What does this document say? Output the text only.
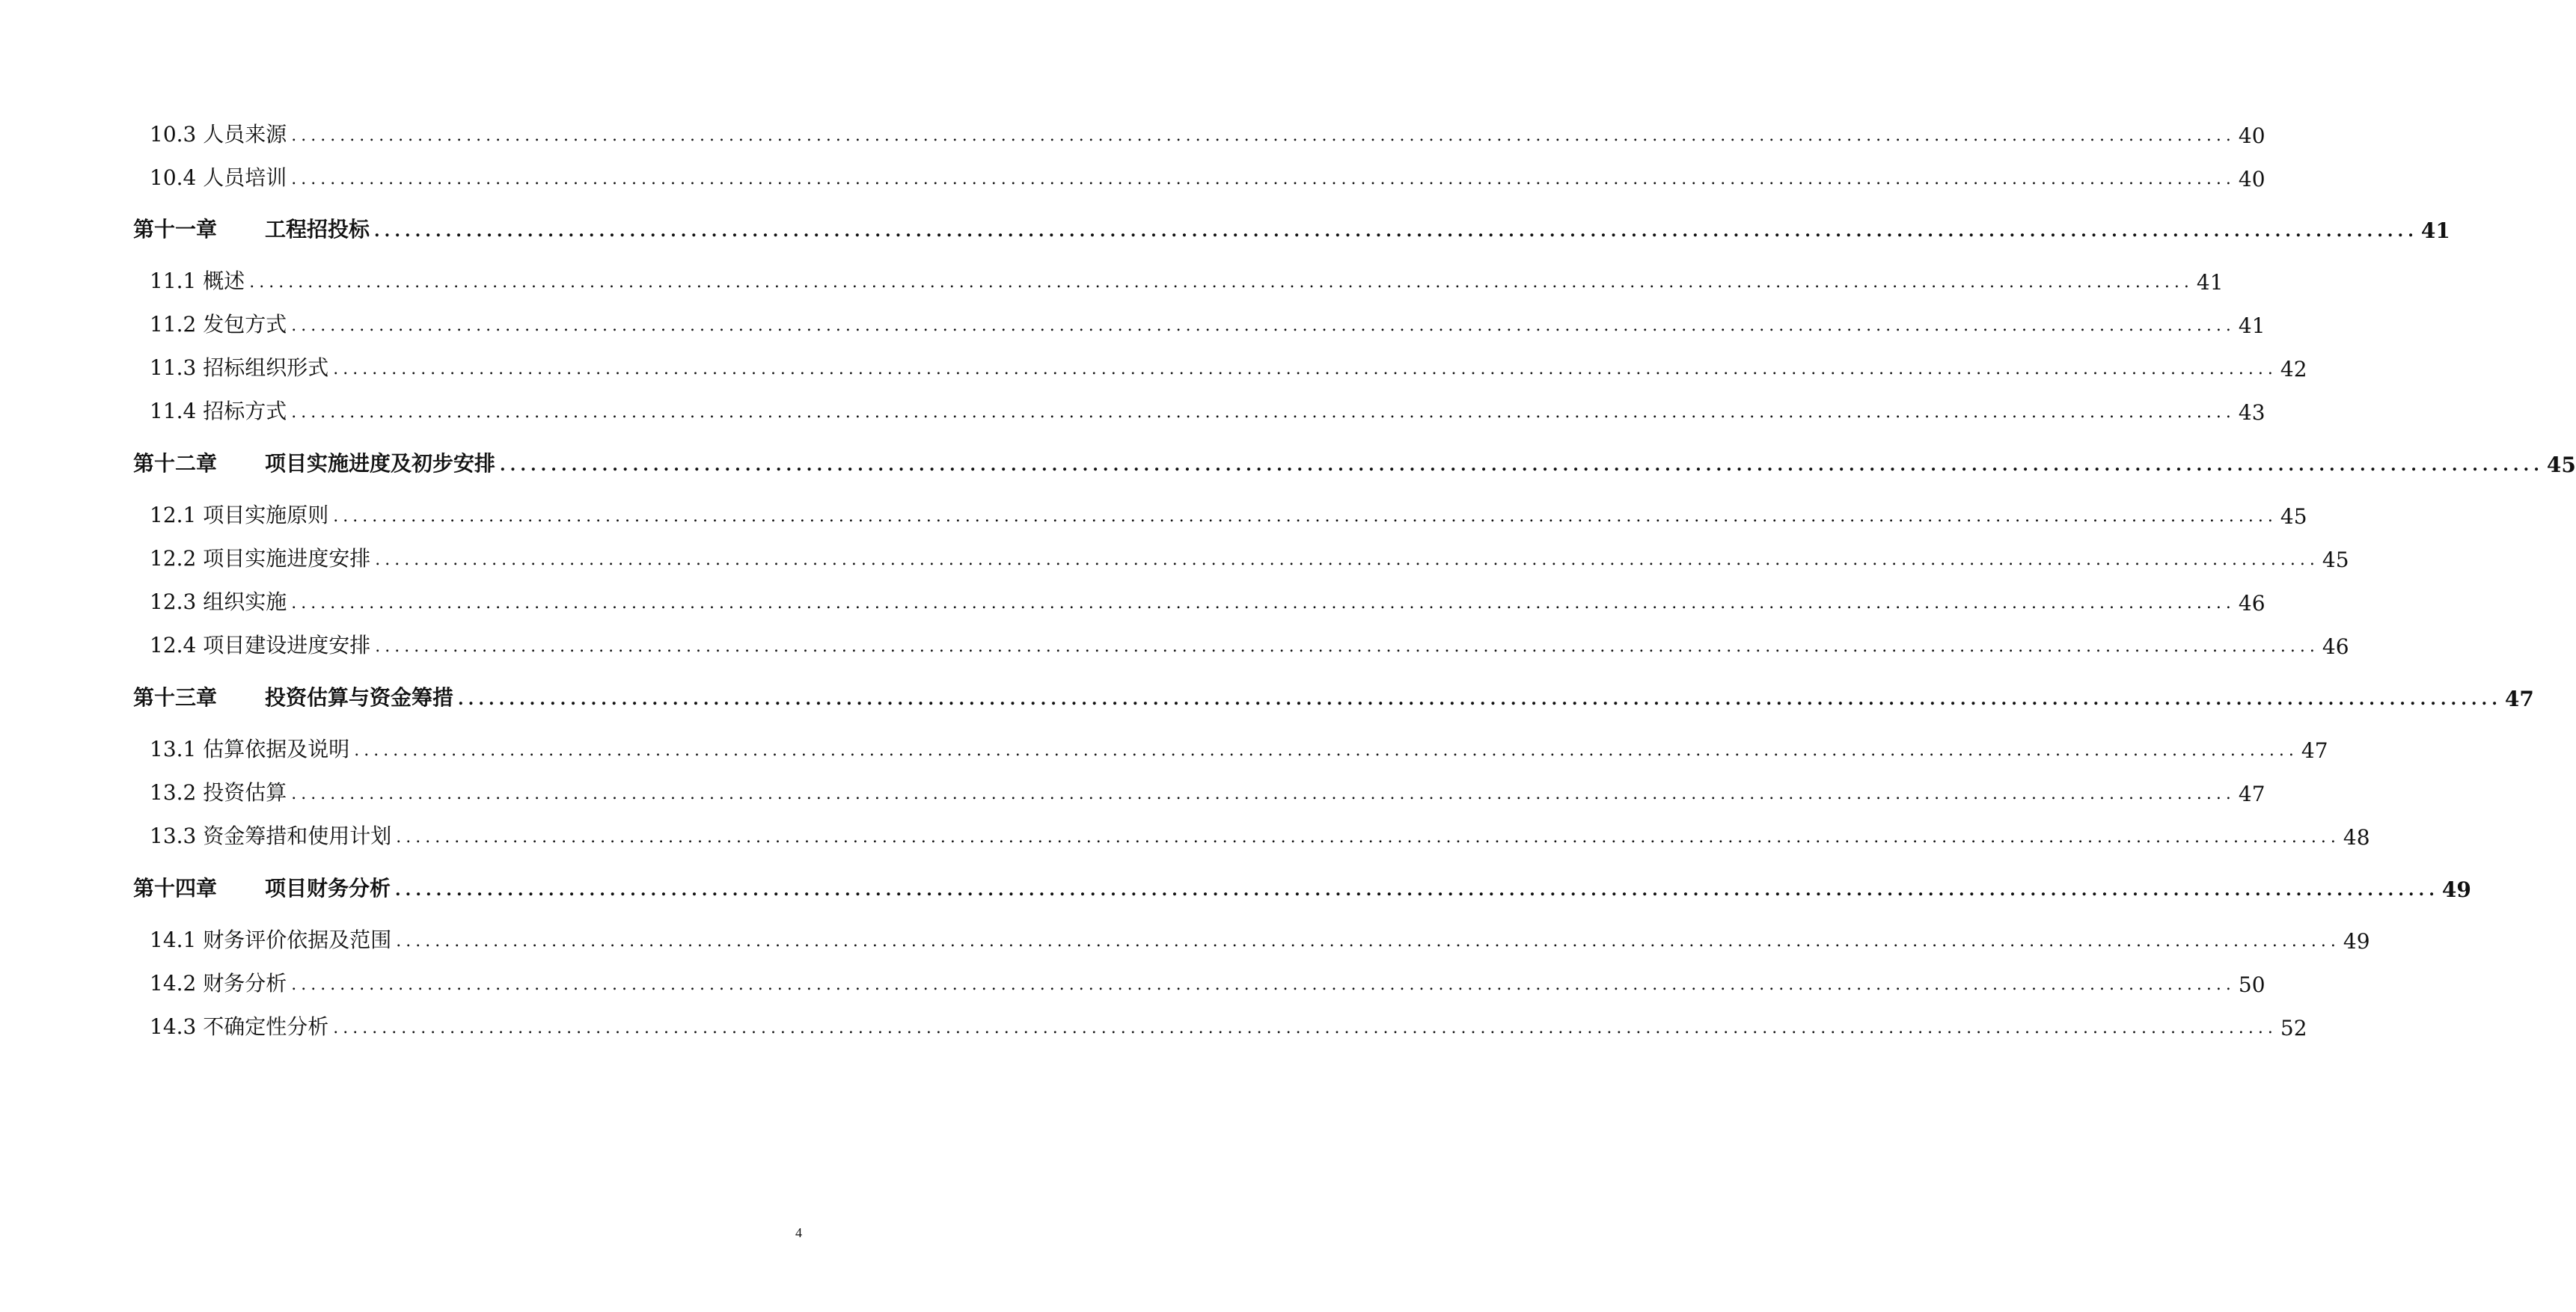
10.3 人员来源 ........................................................................................................................................................................................................ 40
10.4 人员培训 ........................................................................................................................................................................................................ 40
第十一章 工程招投标 ........................................................................................................................................................................................................ 41
11.1 概述 ........................................................................................................................................................................................................ 41
11.2 发包方式 ........................................................................................................................................................................................................ 41
11.3 招标组织形式 ........................................................................................................................................................................................................ 42
11.4 招标方式 ........................................................................................................................................................................................................ 43
第十二章 项目实施进度及初步安排 ........................................................................................................................................................................................................ 45
12.1 项目实施原则 ........................................................................................................................................................................................................ 45
12.2 项目实施进度安排 ........................................................................................................................................................................................................ 45
12.3 组织实施 ........................................................................................................................................................................................................ 46
12.4 项目建设进度安排 ........................................................................................................................................................................................................ 46
第十三章 投资估算与资金筹措 ........................................................................................................................................................................................................ 47
13.1 估算依据及说明 ........................................................................................................................................................................................................ 47
13.2 投资估算 ........................................................................................................................................................................................................ 47
13.3 资金筹措和使用计划 ........................................................................................................................................................................................................ 48
第十四章 项目财务分析 ........................................................................................................................................................................................................ 49
14.1 财务评价依据及范围 ........................................................................................................................................................................................................ 49
14.2 财务分析 ........................................................................................................................................................................................................ 50
14.3 不确定性分析 ........................................................................................................................................................................................................ 52
4
